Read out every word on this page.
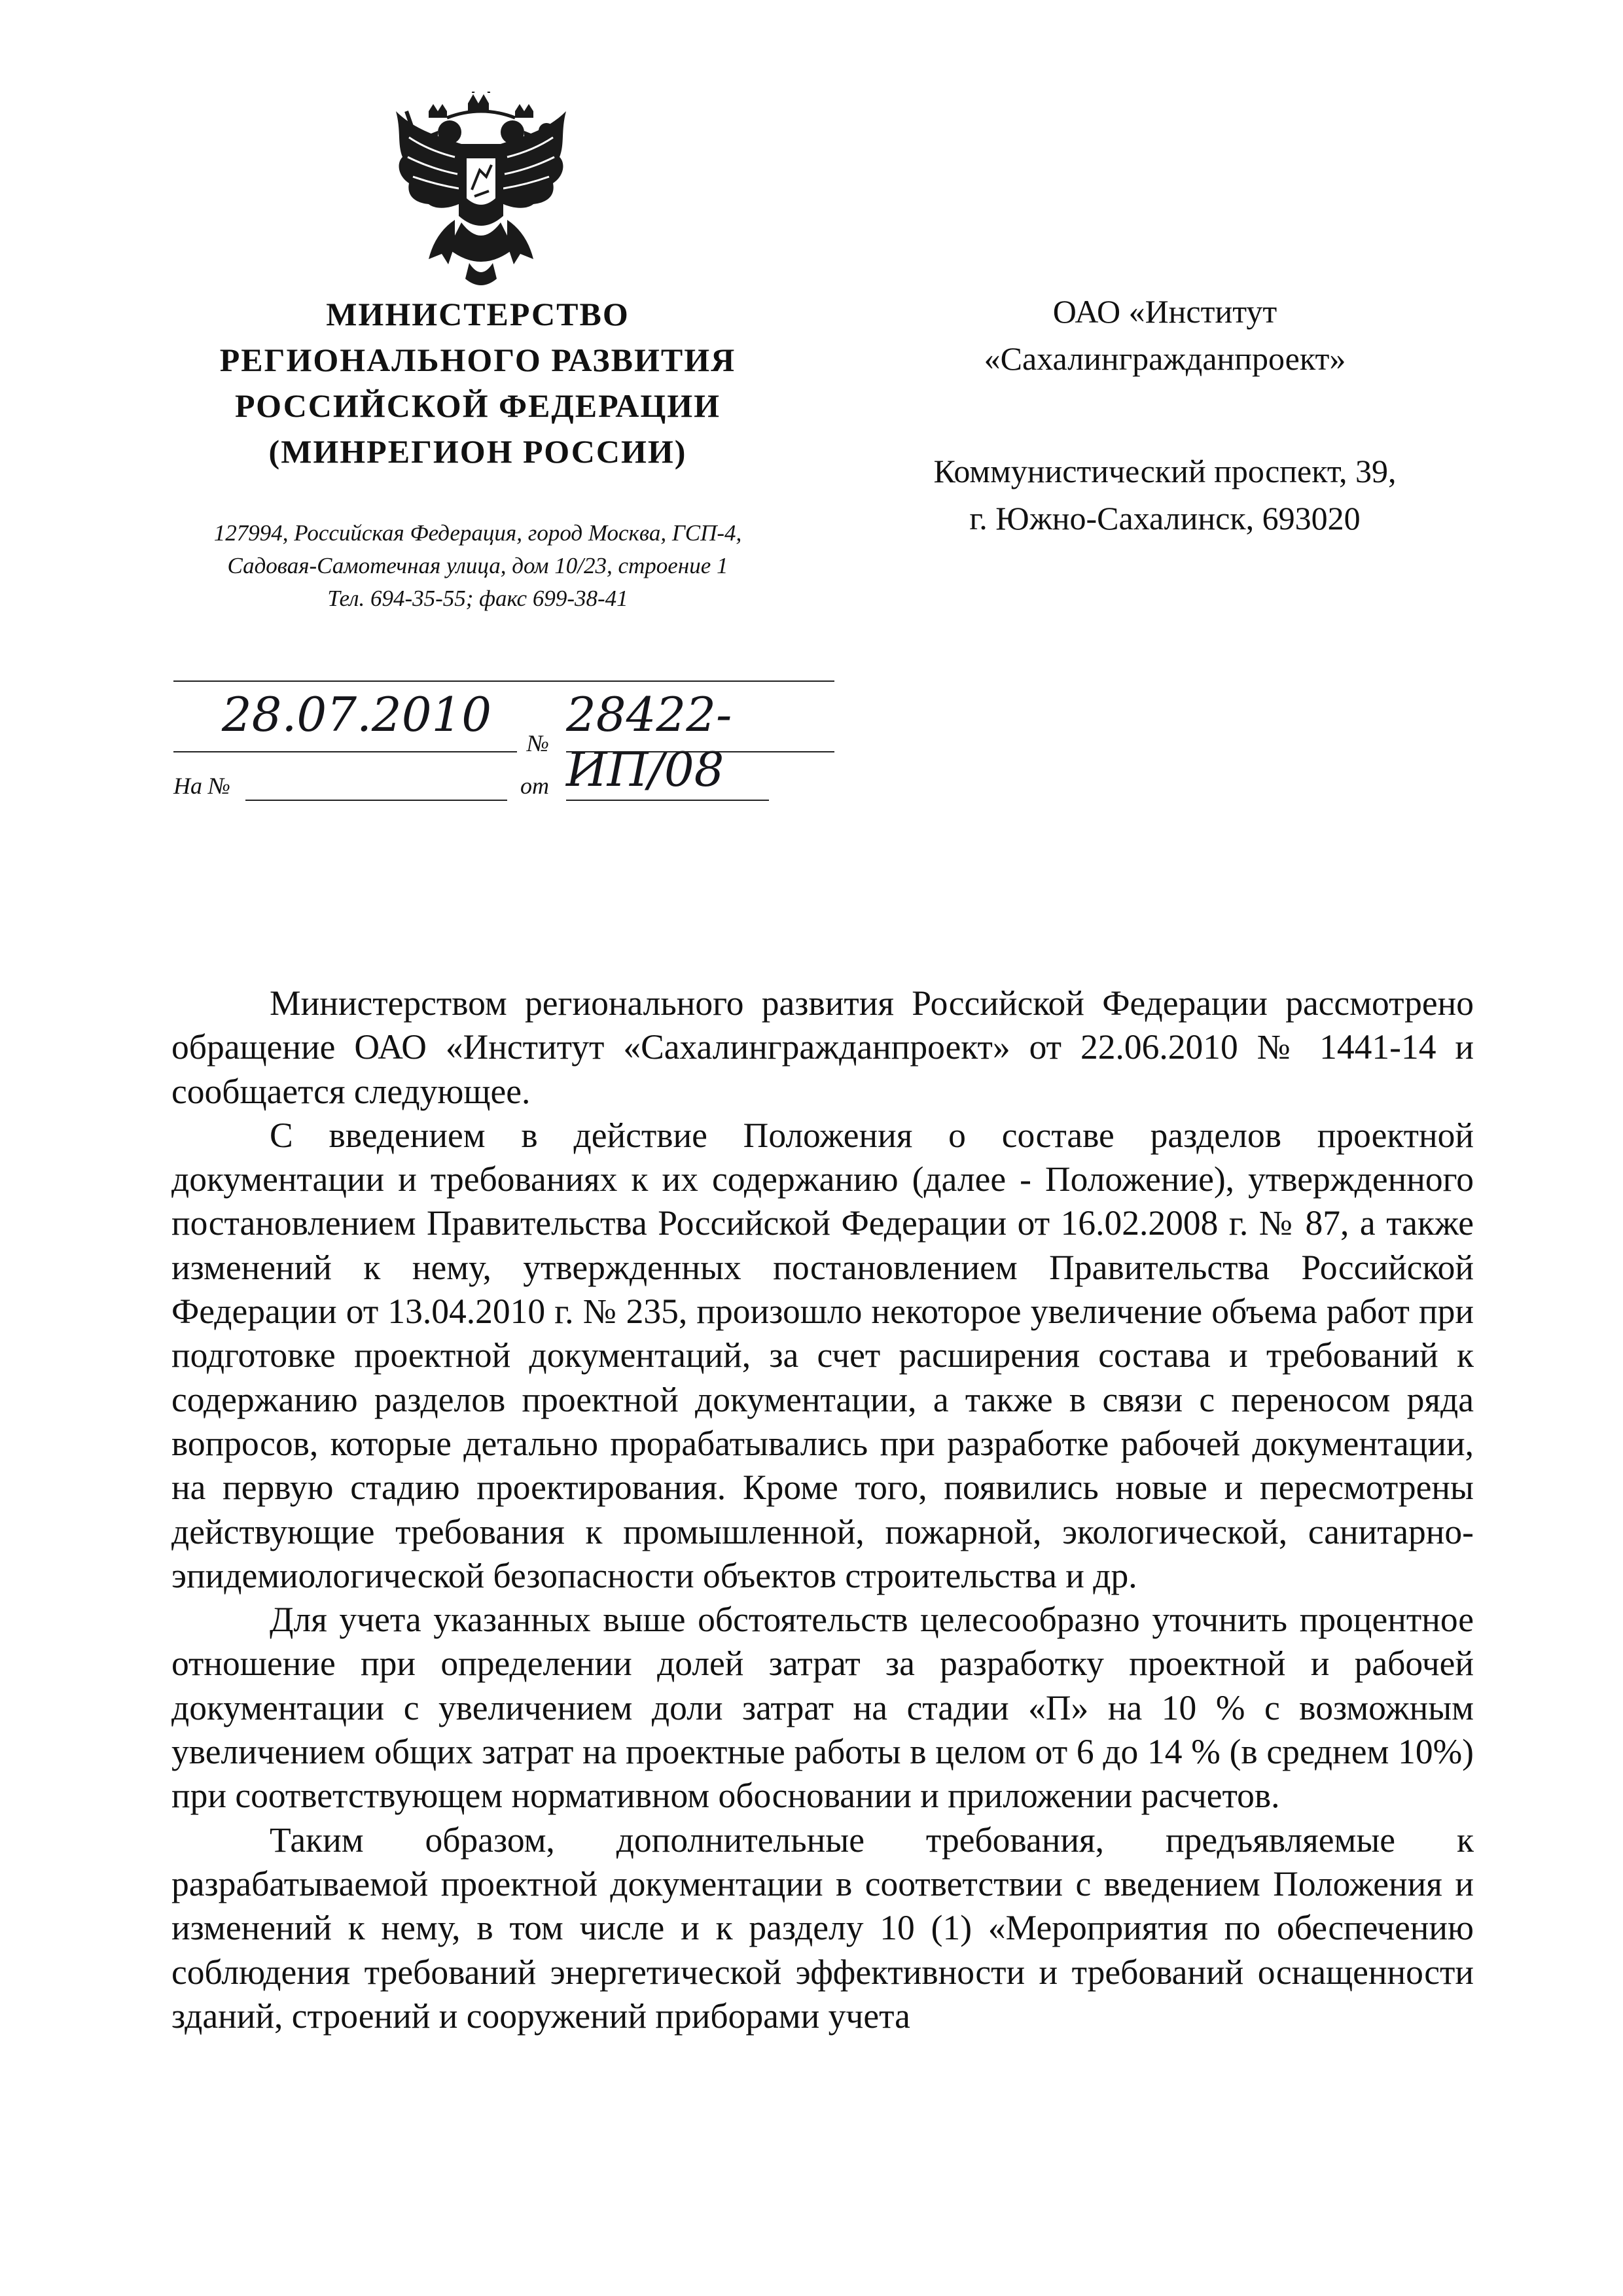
МИНИСТЕРСТВО
РЕГИОНАЛЬНОГО РАЗВИТИЯ
РОССИЙСКОЙ ФЕДЕРАЦИИ
(МИНРЕГИОН РОССИИ)
127994, Российская Федерация, город Москва, ГСП-4,
Садовая-Самотечная улица, дом 10/23, строение 1
Тел. 694-35-55; факс 699-38-41
ОАО «Институт
«Сахалингражданпроект»
Коммунистический проспект, 39,
г. Южно-Сахалинск, 693020
28.07.2010
№
28422-ИП/08
На №	от

Министерством регионального развития Российской Федерации рассмотрено обращение ОАО «Институт «Сахалингражданпроект» от 22.06.2010 № 1441-14 и сообщается следующее.

С введением в действие Положения о составе разделов проектной документации и требованиях к их содержанию (далее - Положение), утвержденного постановлением Правительства Российской Федерации от 16.02.2008 г. № 87, а также изменений к нему, утвержденных постановлением Правительства Российской Федерации от 13.04.2010 г. № 235, произошло некоторое увеличение объема работ при подготовке проектной документаций, за счет расширения состава и требований к содержанию разделов проектной документации, а также в связи с переносом ряда вопросов, которые детально прорабатывались при разработке рабочей документации, на первую стадию проектирования. Кроме того, появились новые и пересмотрены действующие требования к промышленной, пожарной, экологической, санитарно-эпидемиологической безопасности объектов строительства и др.

Для учета указанных выше обстоятельств целесообразно уточнить процентное отношение при определении долей затрат за разработку проектной и рабочей документации с увеличением доли затрат на стадии «П» на 10 % с возможным увеличением общих затрат на проектные работы в целом от 6 до 14 % (в среднем 10%) при соответствующем нормативном обосновании и приложении расчетов.

Таким образом, дополнительные требования, предъявляемые к разрабатываемой проектной документации в соответствии с введением Положения и изменений к нему, в том числе и к разделу 10 (1) «Мероприятия по обеспечению соблюдения требований энергетической эффективности и требований оснащенности зданий, строений и сооружений приборами учета
